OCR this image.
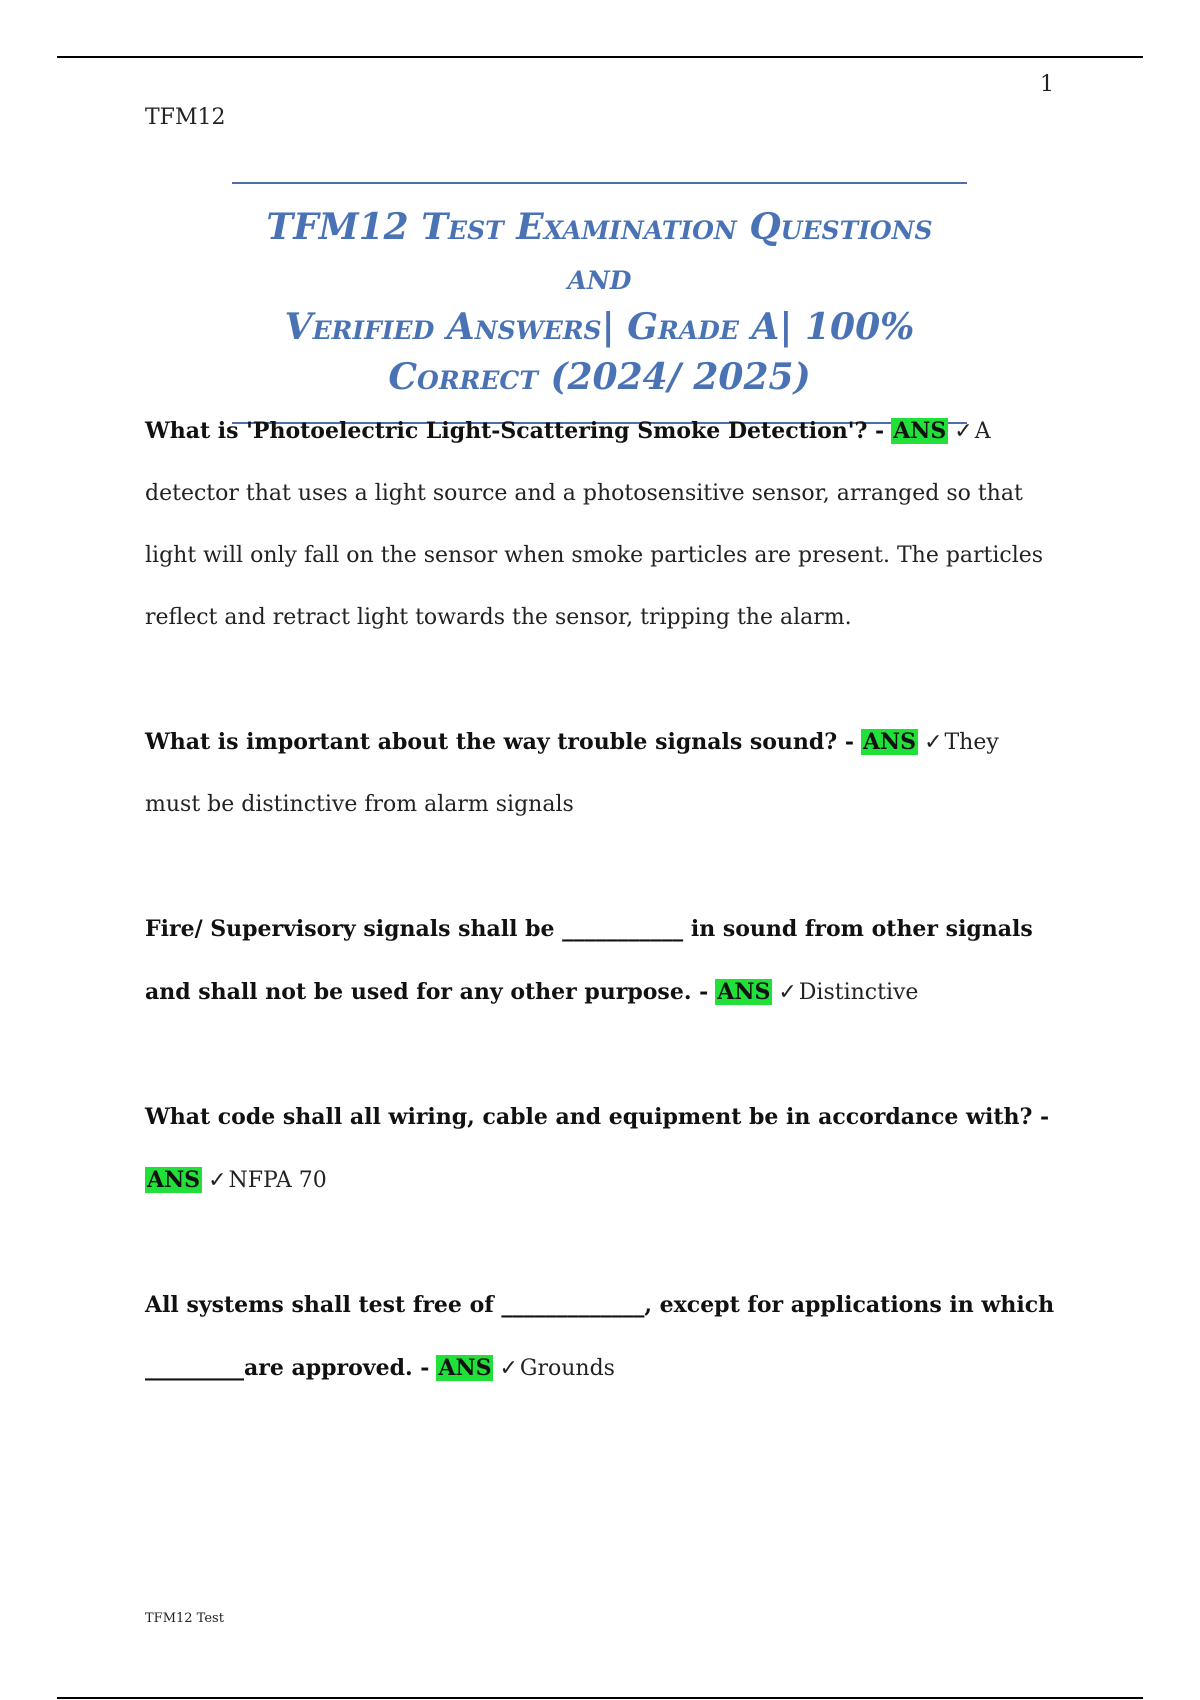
1
TFM12
TFM12 Test Examination Questions and
Verified Answers| Grade A| 100%
Correct (2024/ 2025)
What is 'Photoelectric Light-Scattering Smoke Detection'? - ANS ✓A detector that uses a light source and a photosensitive sensor, arranged so that light will only fall on the sensor when smoke particles are present. The particles reflect and retract light towards the sensor, tripping the alarm.
What is important about the way trouble signals sound? - ANS ✓They must be distinctive from alarm signals
Fire/ Supervisory signals shall be ___________ in sound from other signals and shall not be used for any other purpose. - ANS ✓Distinctive
What code shall all wiring, cable and equipment be in accordance with? - ANS ✓NFPA 70
All systems shall test free of _____________, except for applications in which _________are approved. - ANS ✓Grounds
TFM12 Test
